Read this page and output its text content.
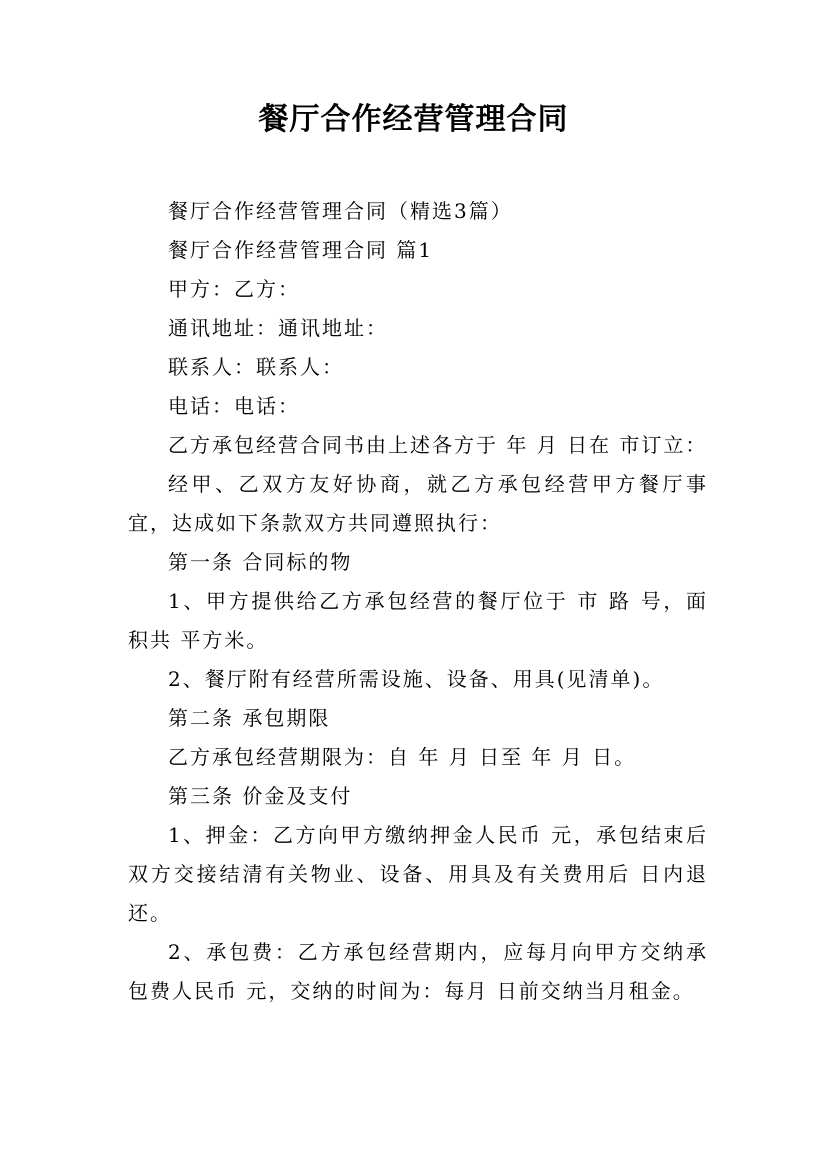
餐厅合作经营管理合同

餐厅合作经营管理合同（精选3篇）

餐厅合作经营管理合同 篇1

甲方：乙方：

通讯地址：通讯地址：

联系人：联系人：

电话：电话：

乙方承包经营合同书由上述各方于 年 月 日在 市订立：

经甲、乙双方友好协商，就乙方承包经营甲方餐厅事宜，达成如下条款双方共同遵照执行：

第一条 合同标的物

1、甲方提供给乙方承包经营的餐厅位于 市 路 号，面积共 平方米。

2、餐厅附有经营所需设施、设备、用具(见清单)。

第二条 承包期限

乙方承包经营期限为：自 年 月 日至 年 月 日。

第三条 价金及支付

1、押金：乙方向甲方缴纳押金人民币 元，承包结束后双方交接结清有关物业、设备、用具及有关费用后 日内退还。

2、承包费：乙方承包经营期内，应每月向甲方交纳承包费人民币 元，交纳的时间为：每月 日前交纳当月租金。
